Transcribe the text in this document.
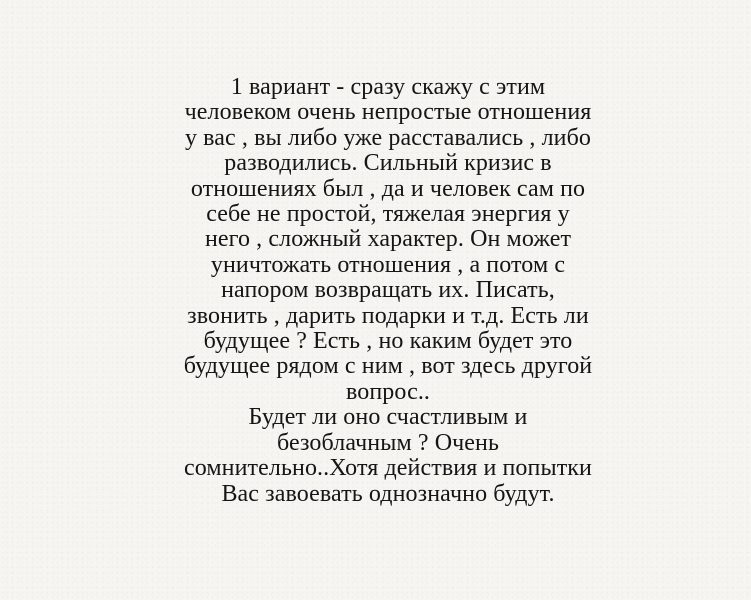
1 вариант - сразу скажу с этим
человеком очень непростые отношения
у вас , вы либо уже расставались , либо
разводились. Сильный кризис в
отношениях был , да и человек сам по
себе не простой, тяжелая энергия у
него , сложный характер. Он может
уничтожать отношения , а потом с
напором возвращать их. Писать,
звонить , дарить подарки и т.д. Есть ли
будущее ? Есть , но каким будет это
будущее рядом с ним , вот здесь другой
вопрос..
Будет ли оно счастливым и
безоблачным ? Очень
сомнительно..Хотя действия и попытки
Вас завоевать однозначно будут.
